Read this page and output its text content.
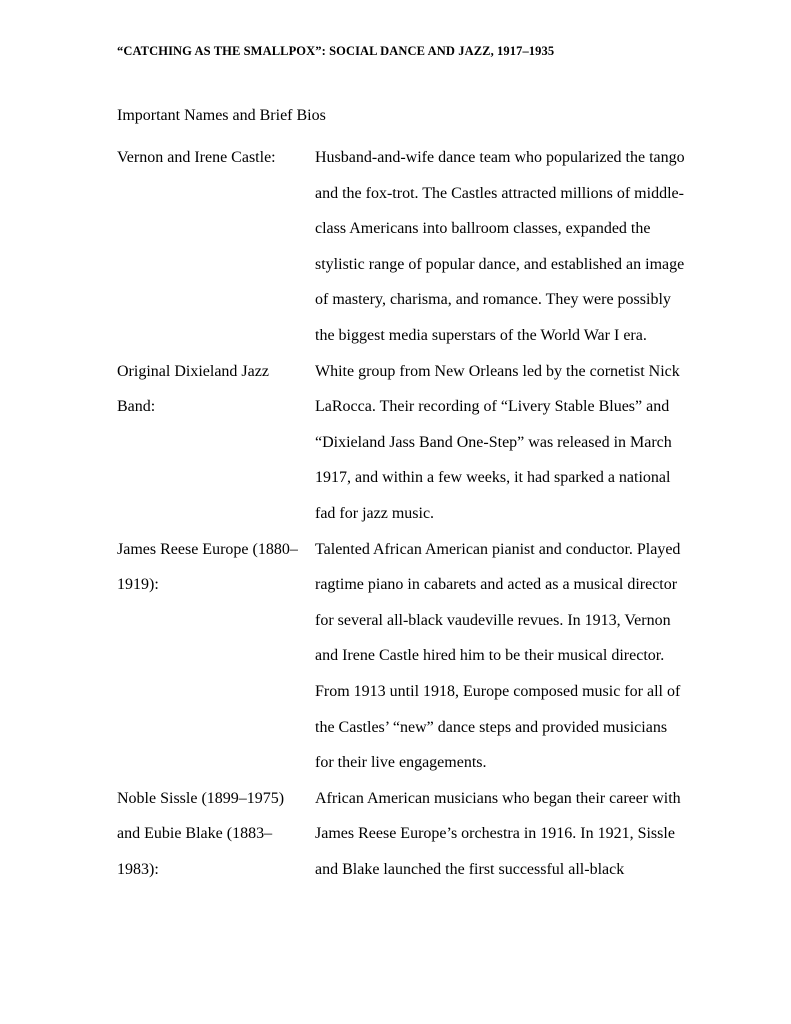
“CATCHING AS THE SMALLPOX”: SOCIAL DANCE AND JAZZ, 1917–1935
Important Names and Brief Bios
Vernon and Irene Castle:	Husband-and-wife dance team who popularized the tango
and the fox-trot. The Castles attracted millions of middle-
class Americans into ballroom classes, expanded the
stylistic range of popular dance, and established an image
of mastery, charisma, and romance. They were possibly
the biggest media superstars of the World War I era.
Original Dixieland Jazz
Band:
White group from New Orleans led by the cornetist Nick
LaRocca. Their recording of “Livery Stable Blues” and
“Dixieland Jass Band One-Step” was released in March
1917, and within a few weeks, it had sparked a national
fad for jazz music.
James Reese Europe (1880–
1919):
Talented African American pianist and conductor. Played
ragtime piano in cabarets and acted as a musical director
for several all-black vaudeville revues. In 1913, Vernon
and Irene Castle hired him to be their musical director.
From 1913 until 1918, Europe composed music for all of
the Castles’ “new” dance steps and provided musicians
for their live engagements.
Noble Sissle (1899–1975)
and Eubie Blake (1883–
1983):
African American musicians who began their career with
James Reese Europe’s orchestra in 1916. In 1921, Sissle
and Blake launched the first successful all-black
